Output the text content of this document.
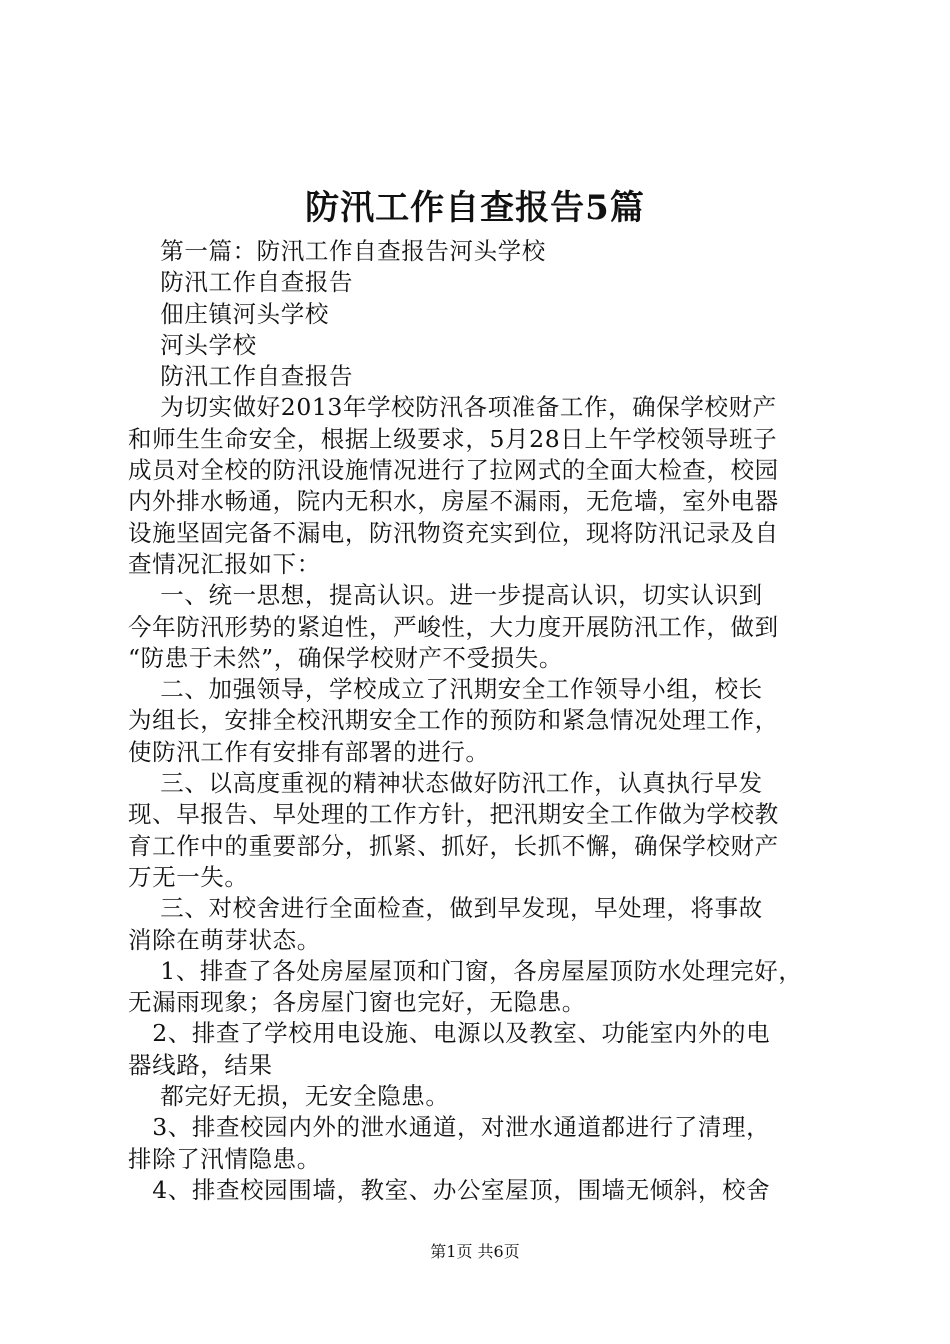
防汛工作自查报告5篇
第一篇：防汛工作自查报告河头学校
防汛工作自查报告
佃庄镇河头学校
河头学校
防汛工作自查报告
为切实做好2013年学校防汛各项准备工作，确保学校财产
和师生生命安全，根据上级要求，5月28日上午学校领导班子
成员对全校的防汛设施情况进行了拉网式的全面大检查，校园
内外排水畅通，院内无积水，房屋不漏雨，无危墙，室外电器
设施坚固完备不漏电，防汛物资充实到位，现将防汛记录及自
查情况汇报如下：
一、统一思想，提高认识。进一步提高认识，切实认识到
今年防汛形势的紧迫性，严峻性，大力度开展防汛工作，做到
“防患于未然”，确保学校财产不受损失。
二、加强领导，学校成立了汛期安全工作领导小组，校长
为组长，安排全校汛期安全工作的预防和紧急情况处理工作，
使防汛工作有安排有部署的进行。
三、以高度重视的精神状态做好防汛工作，认真执行早发
现、早报告、早处理的工作方针，把汛期安全工作做为学校教
育工作中的重要部分，抓紧、抓好，长抓不懈，确保学校财产
万无一失。
三、对校舍进行全面检查，做到早发现，早处理，将事故
消除在萌芽状态。
1、排查了各处房屋屋顶和门窗，各房屋屋顶防水处理完好，
无漏雨现象；各房屋门窗也完好，无隐患。
2、排查了学校用电设施、电源以及教室、功能室内外的电
器线路，结果
都完好无损，无安全隐患。
3、排查校园内外的泄水通道，对泄水通道都进行了清理，
排除了汛情隐患。
4、排查校园围墙，教室、办公室屋顶，围墙无倾斜，校舍
第1页 共6页
